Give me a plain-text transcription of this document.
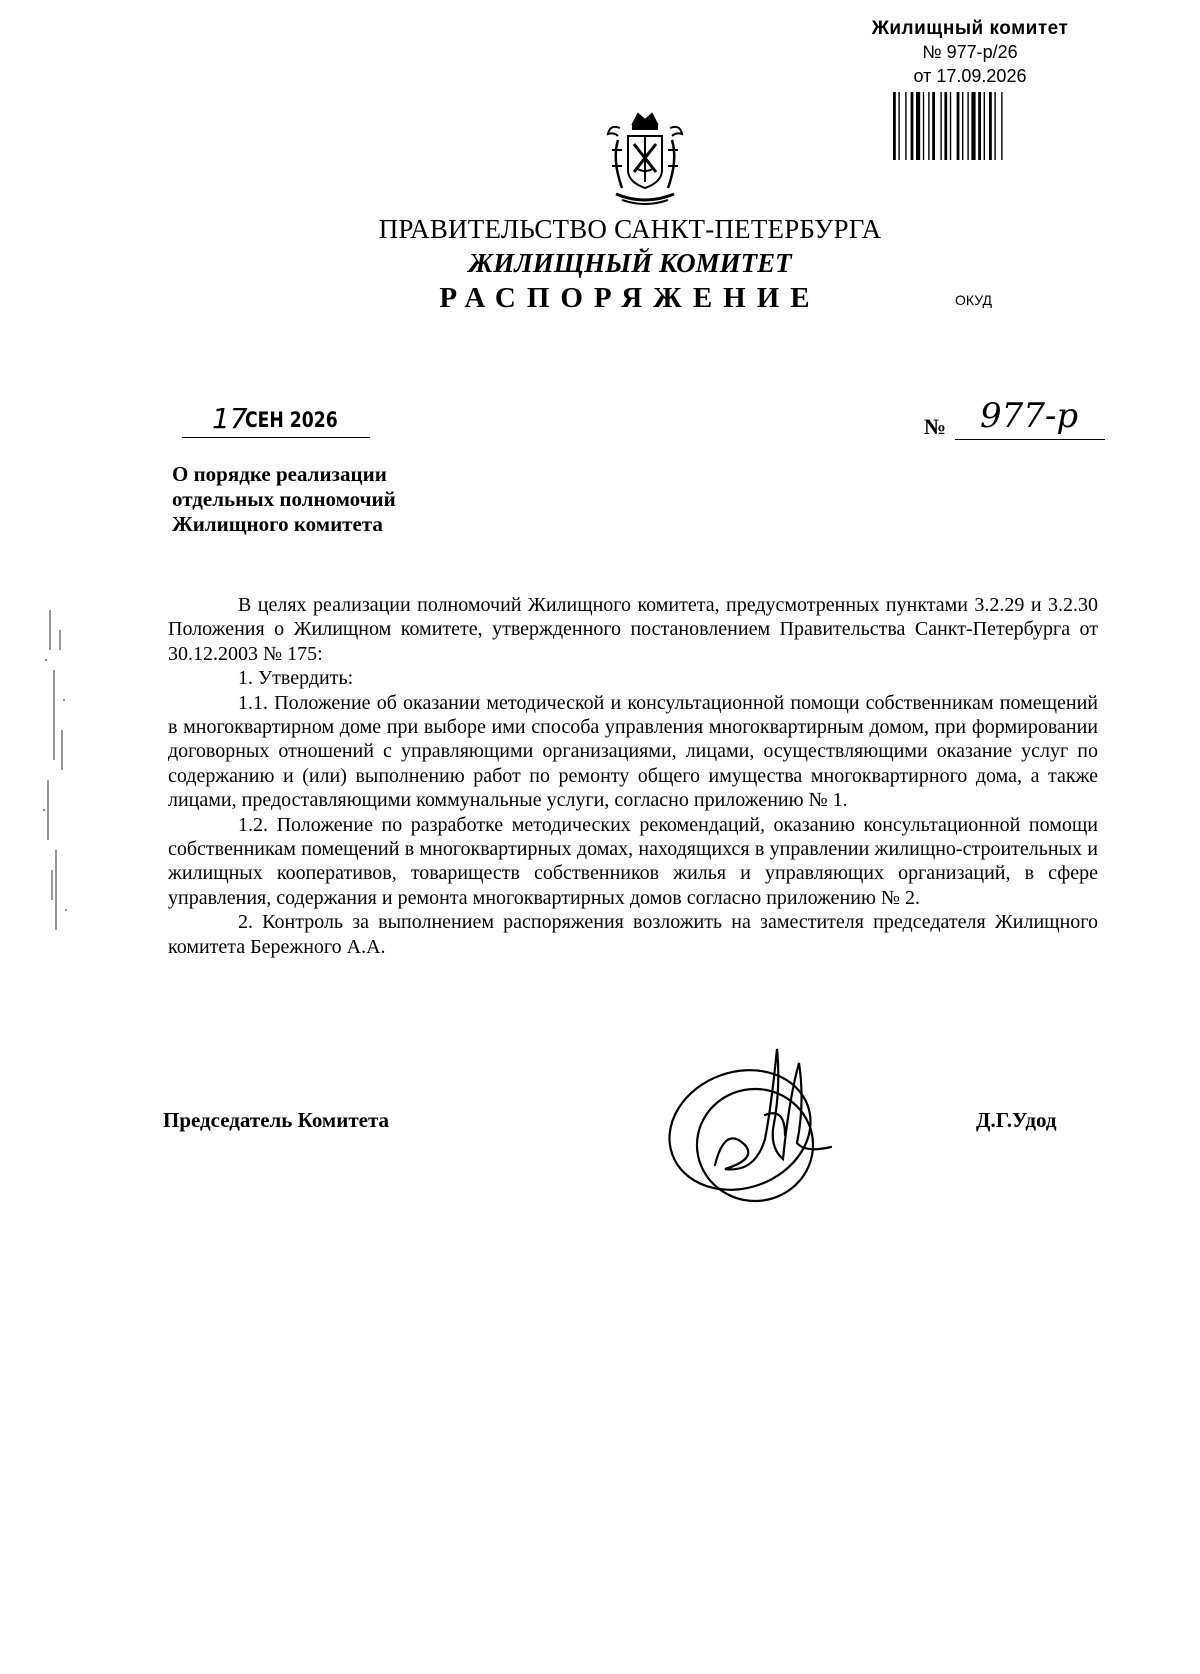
Жилищный комитет
№ 977-р/26
от 17.09.2026
ПРАВИТЕЛЬСТВО САНКТ-ПЕТЕРБУРГА
ЖИЛИЩНЫЙ КОМИТЕТ
РАСПОРЯЖЕНИЕ	ОКУД
17
СЕН 2026	№ 977-р
О порядке реализации
отдельных полномочий
Жилищного комитета

В целях реализации полномочий Жилищного комитета, предусмотренных пунктами 3.2.29 и 3.2.30 Положения о Жилищном комитете, утвержденного постановлением Правительства Санкт-Петербурга от 30.12.2003 № 175:

1. Утвердить:

1.1. Положение об оказании методической и консультационной помощи собственникам помещений в многоквартирном доме при выборе ими способа управления многоквартирным домом, при формировании договорных отношений с управляющими организациями, лицами, осуществляющими оказание услуг по содержанию и (или) выполнению работ по ремонту общего имущества многоквартирного дома, а также лицами, предоставляющими коммунальные услуги, согласно приложению № 1.

1.2. Положение по разработке методических рекомендаций, оказанию консультационной помощи собственникам помещений в многоквартирных домах, находящихся в управлении жилищно-строительных и жилищных кооперативов, товариществ собственников жилья и управляющих организаций, в сфере управления, содержания и ремонта многоквартирных домов согласно приложению № 2.

2. Контроль за выполнением распоряжения возложить на заместителя председателя Жилищного комитета Бережного А.А.

Председатель Комитета	Д.Г.Удод
